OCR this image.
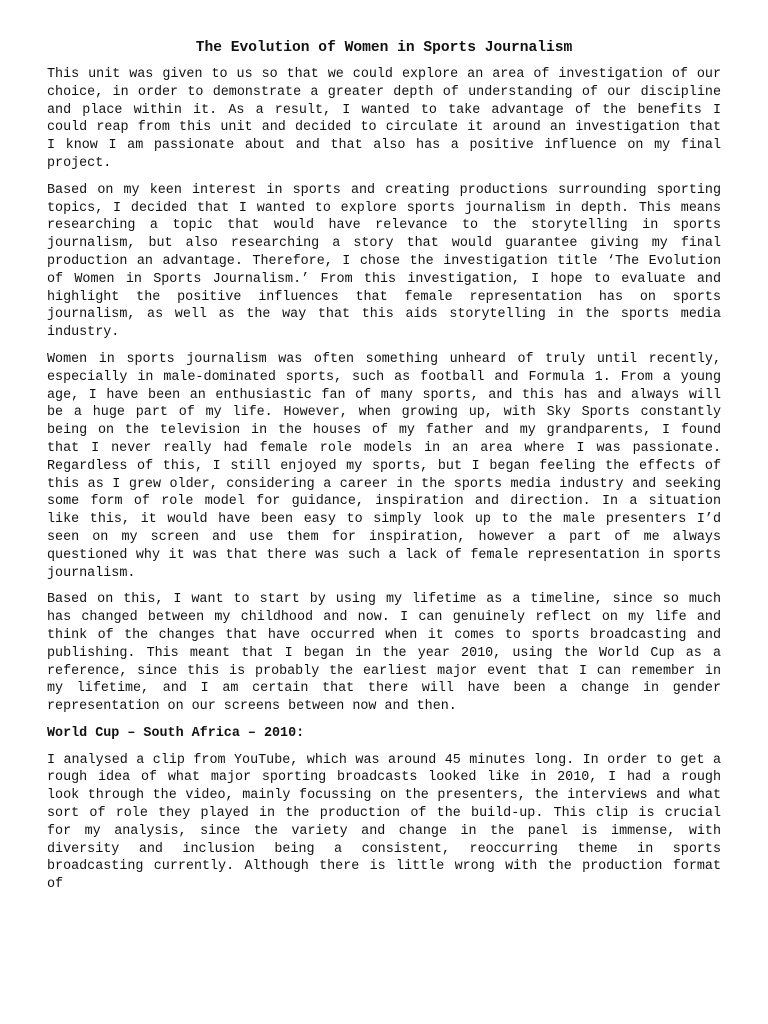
The Evolution of Women in Sports Journalism

This unit was given to us so that we could explore an area of investigation of our choice, in order to demonstrate a greater depth of understanding of our discipline and place within it. As a result, I wanted to take advantage of the benefits I could reap from this unit and decided to circulate it around an investigation that I know I am passionate about and that also has a positive influence on my final project.

Based on my keen interest in sports and creating productions surrounding sporting topics, I decided that I wanted to explore sports journalism in depth. This means researching a topic that would have relevance to the storytelling in sports journalism, but also researching a story that would guarantee giving my final production an advantage. Therefore, I chose the investigation title ‘The Evolution of Women in Sports Journalism.’ From this investigation, I hope to evaluate and highlight the positive influences that female representation has on sports journalism, as well as the way that this aids storytelling in the sports media industry.

Women in sports journalism was often something unheard of truly until recently, especially in male-dominated sports, such as football and Formula 1. From a young age, I have been an enthusiastic fan of many sports, and this has and always will be a huge part of my life. However, when growing up, with Sky Sports constantly being on the television in the houses of my father and my grandparents, I found that I never really had female role models in an area where I was passionate. Regardless of this, I still enjoyed my sports, but I began feeling the effects of this as I grew older, considering a career in the sports media industry and seeking some form of role model for guidance, inspiration and direction. In a situation like this, it would have been easy to simply look up to the male presenters I’d seen on my screen and use them for inspiration, however a part of me always questioned why it was that there was such a lack of female representation in sports journalism.

Based on this, I want to start by using my lifetime as a timeline, since so much has changed between my childhood and now. I can genuinely reflect on my life and think of the changes that have occurred when it comes to sports broadcasting and publishing. This meant that I began in the year 2010, using the World Cup as a reference, since this is probably the earliest major event that I can remember in my lifetime, and I am certain that there will have been a change in gender representation on our screens between now and then.

World Cup – South Africa – 2010:

I analysed a clip from YouTube, which was around 45 minutes long. In order to get a rough idea of what major sporting broadcasts looked like in 2010, I had a rough look through the video, mainly focussing on the presenters, the interviews and what sort of role they played in the production of the build-up. This clip is crucial for my analysis, since the variety and change in the panel is immense, with diversity and inclusion being a consistent, reoccurring theme in sports broadcasting currently. Although there is little wrong with the production format of
